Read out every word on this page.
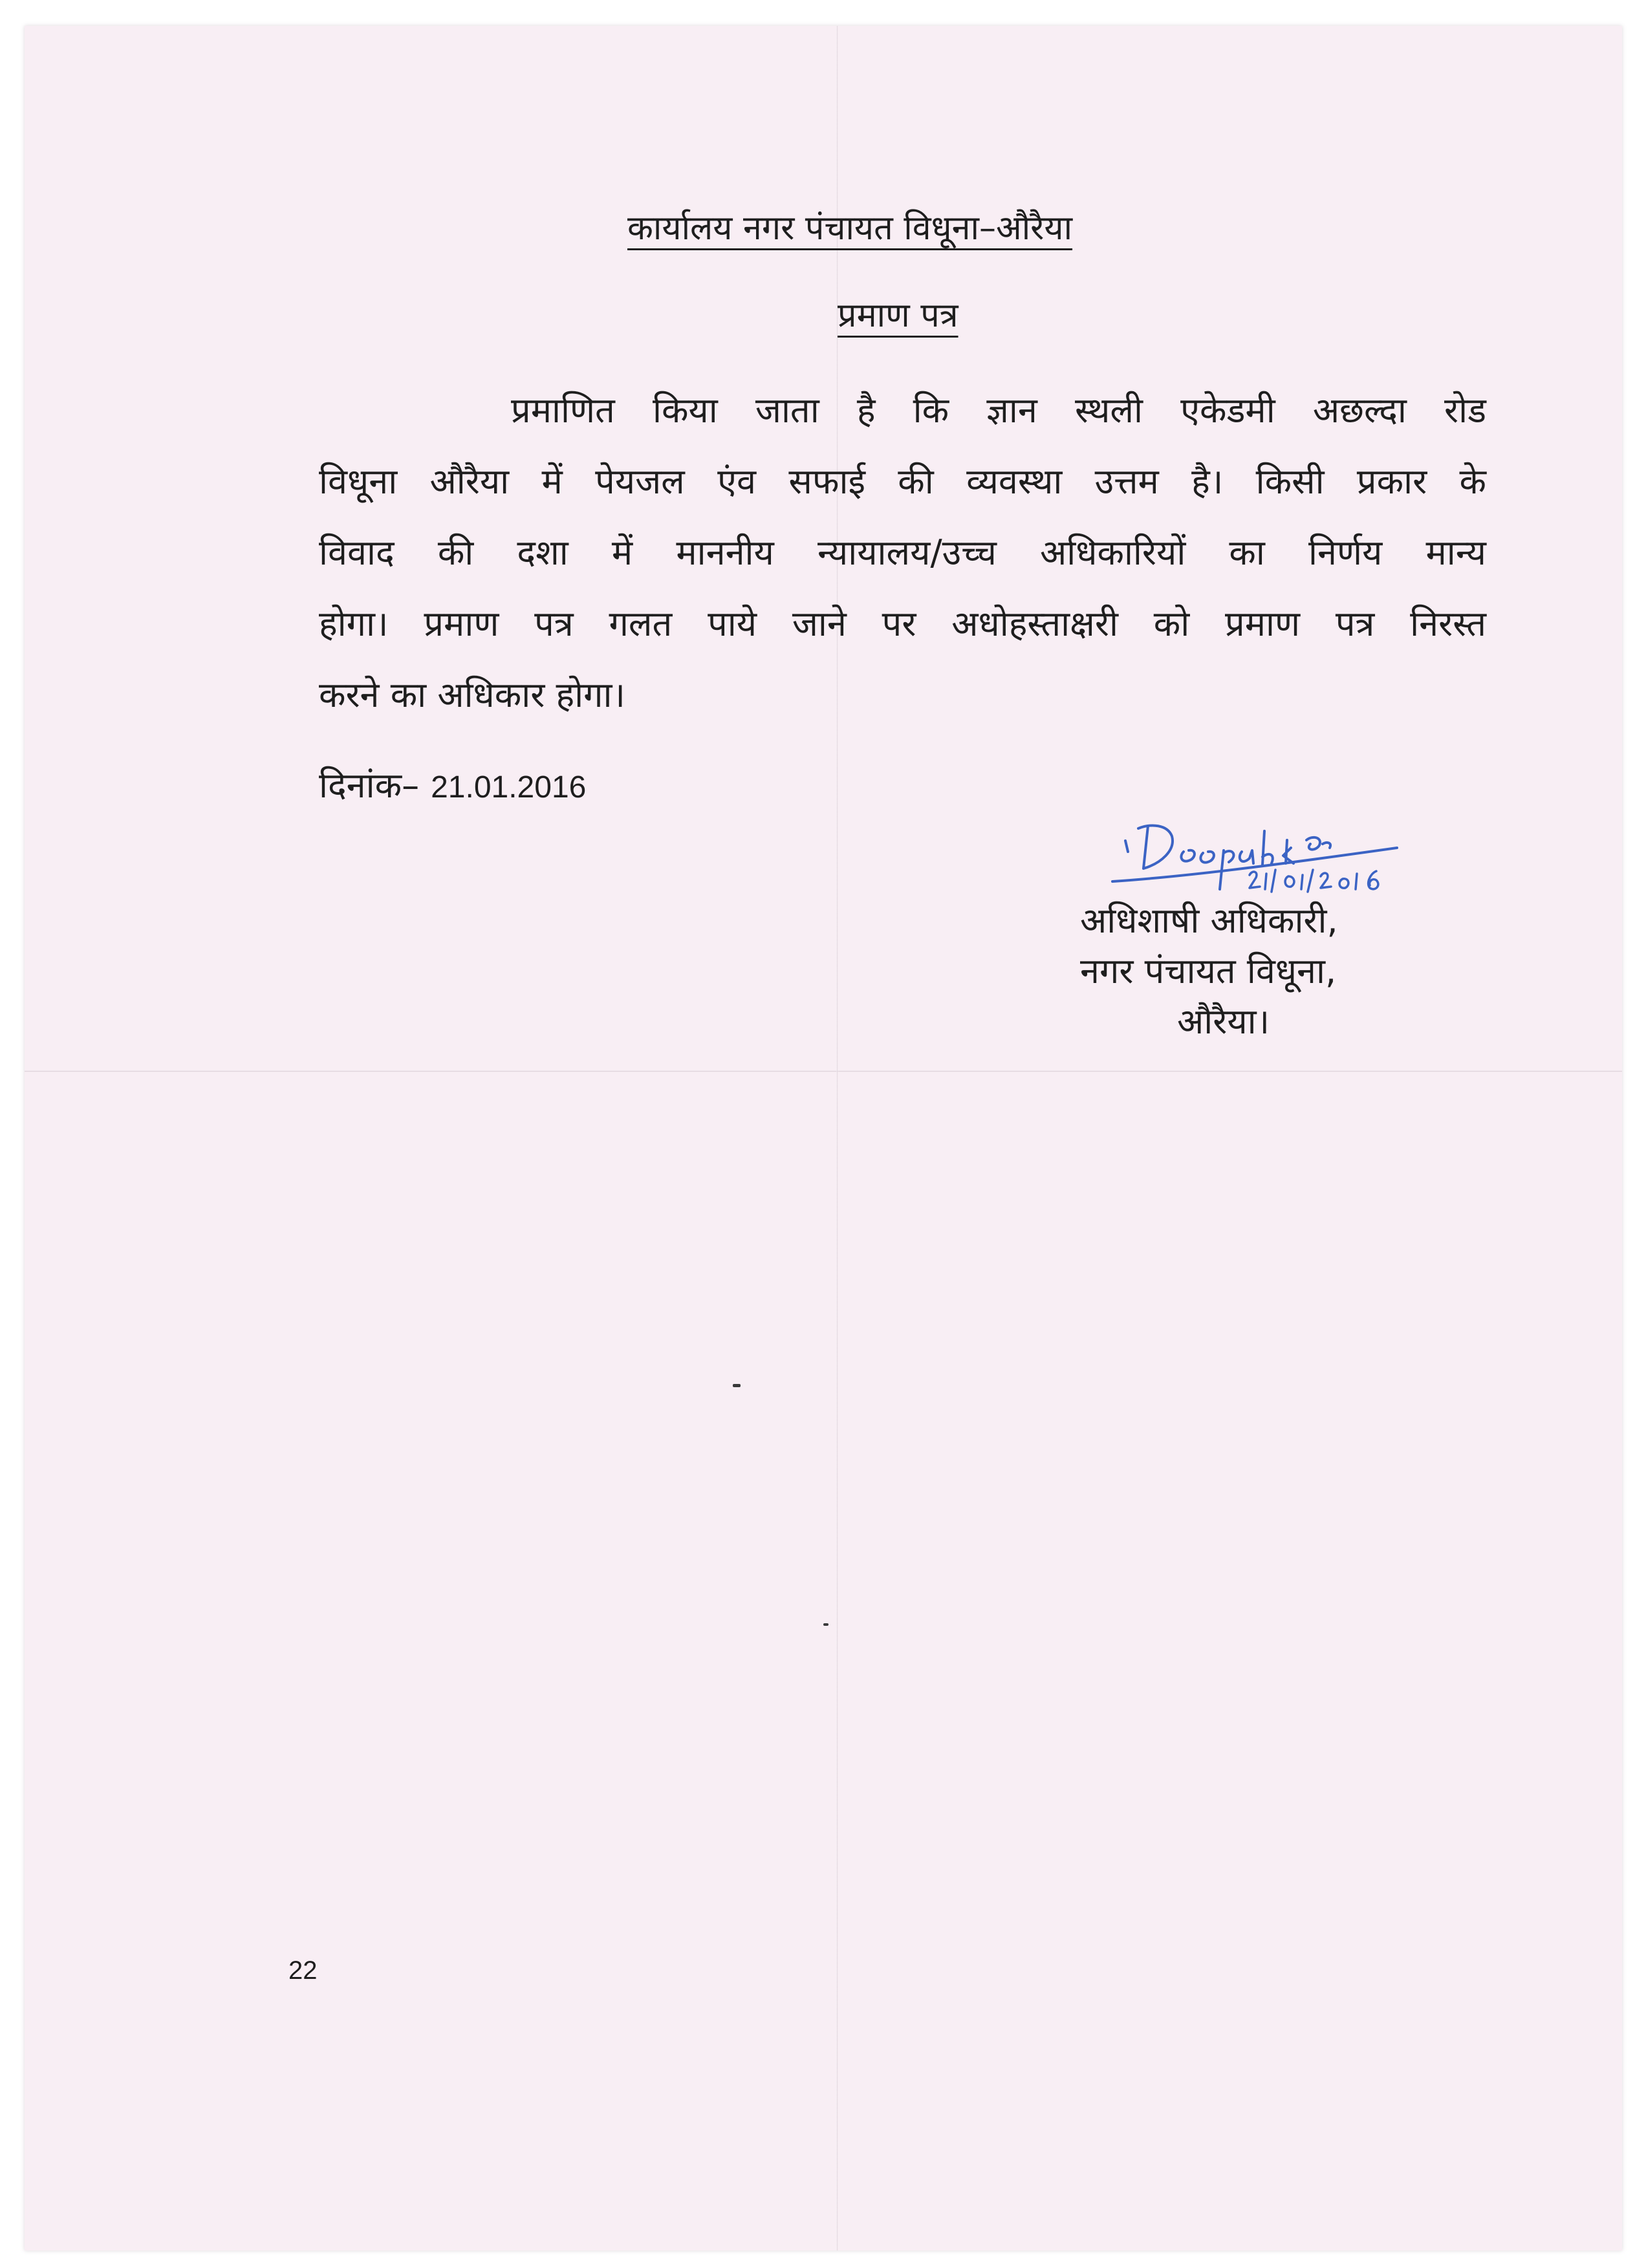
कार्यालय नगर पंचायत विधूना–औरैया
प्रमाण पत्र
प्रमाणित किया जाता है कि ज्ञान स्थली एकेडमी अछल्दा रोड
विधूना औरैया में पेयजल एंव सफाई की व्यवस्था उत्तम है। किसी प्रकार के
विवाद की दशा में माननीय न्यायालय/उच्च अधिकारियों का निर्णय मान्य
होगा। प्रमाण पत्र गलत पाये जाने पर अधोहस्ताक्षरी को प्रमाण पत्र निरस्त
करने का अधिकार होगा।
दिनांक– 21.01.2016
अधिशाषी अधिकारी,
नगर पंचायत विधूना,
औरैया।
22
